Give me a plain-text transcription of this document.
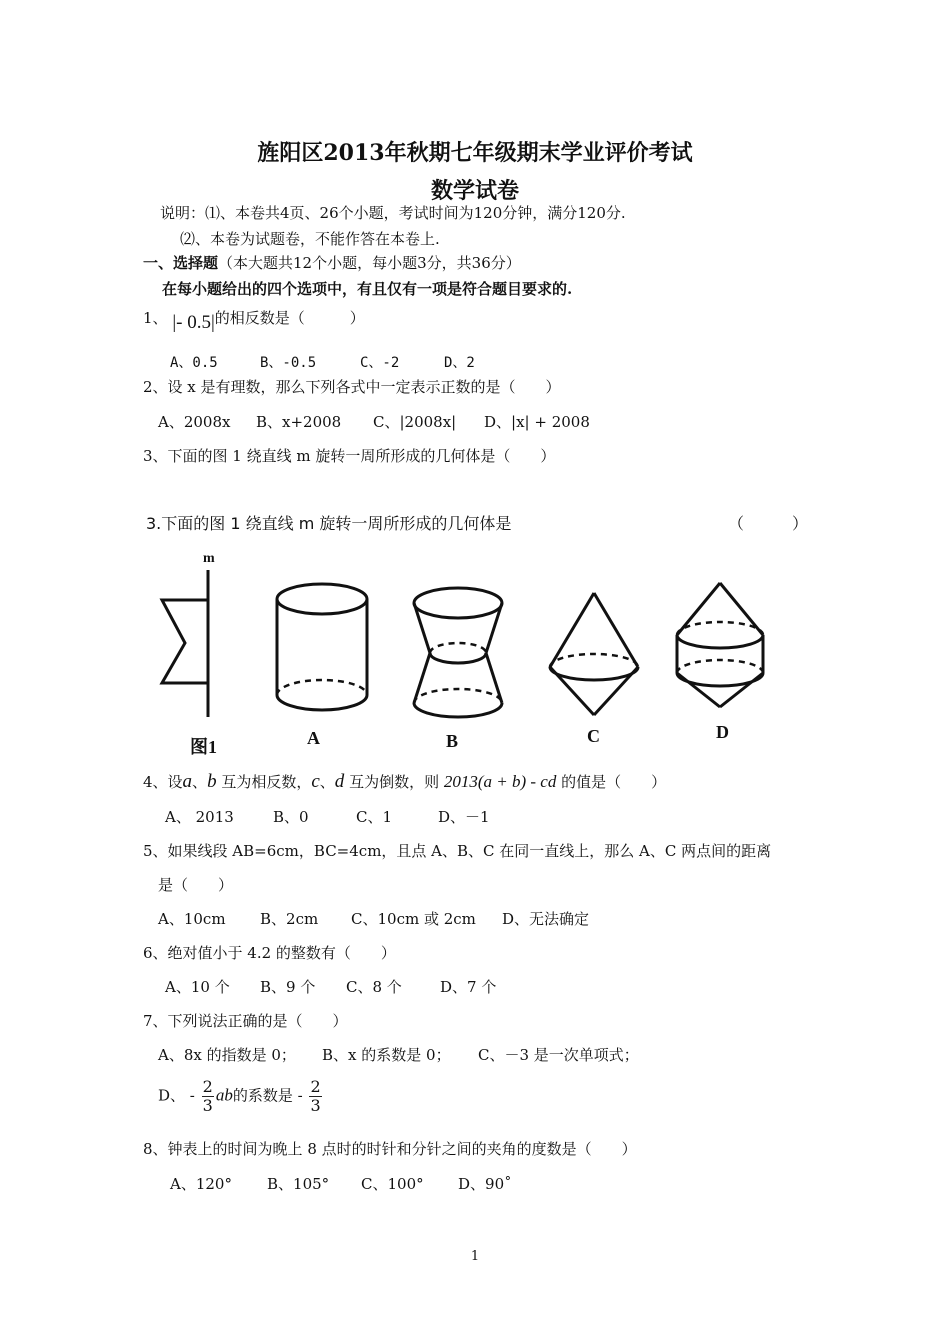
旌阳区2013年秋期七年级期末学业评价考试
数学试卷
说明：⑴、本卷共4页、26个小题，考试时间为120分钟，满分120分.
⑵、本卷为试题卷，不能作答在本卷上.
一、选择题（本大题共12个小题，每小题3分，共36分）
在每小题给出的四个选项中，有且仅有一项是符合题目要求的.
1、 |- 0.5|的相反数是（　　　）
A、0.5	B、-0.5	C、-2	D、2
2、设 x 是有理数，那么下列各式中一定表示正数的是（　　）
A、2008x B、x+2008 C、|2008x| D、|x| + 2008
3、下面的图 1 绕直线 m 旋转一周所形成的几何体是（　　）
3.下面的图 1 绕直线 m 旋转一周所形成的几何体是	（　　　）
m
图1	A	B	C	D
4、设a、b 互为相反数，c、d 互为倒数，则 2013(a + b) - cd 的值是（　　）
A、 2013	B、0	C、1	D、－1
5、如果线段 AB=6cm，BC=4cm，且点 A、B、C 在同一直线上，那么 A、C 两点间的距离
是（　　）
A、10cm B、2cm C、10cm 或 2cm D、无法确定
6、绝对值小于 4.2 的整数有（　　）
A、10 个 B、9 个 C、8 个	D、7 个
7、下列说法正确的是（　　）
A、8x 的指数是 0； B、x 的系数是 0； C、－3 是一次单项式；
D、 - $\frac{2}{3}$ ab的系数是 - $\frac{2}{3}$
8、钟表上的时间为晚上 8 点时的时针和分针之间的夹角的度数是（　　）
A、120° B、105° C、100° D、90˚
1
